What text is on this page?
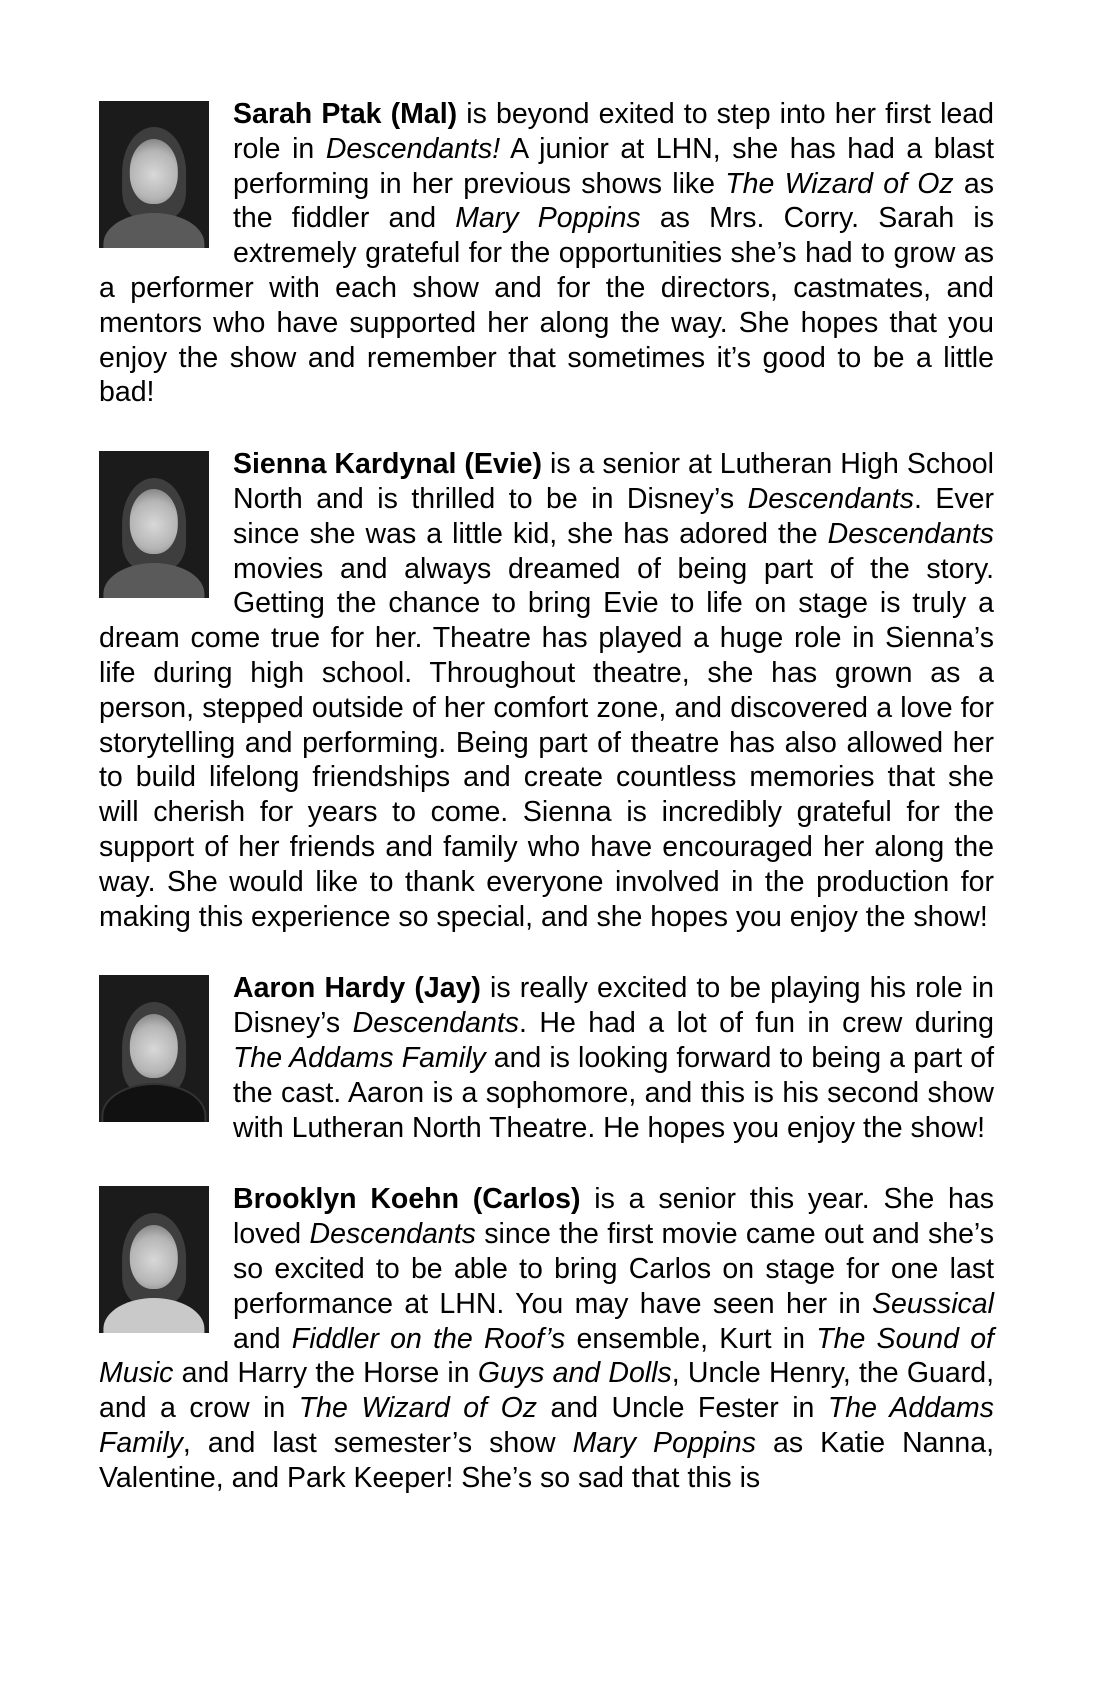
Sarah Ptak (Mal) is beyond exited to step into her first lead role in Descendants! A junior at LHN, she has had a blast performing in her previous shows like The Wizard of Oz as the fiddler and Mary Poppins as Mrs. Corry. Sarah is extremely grateful for the opportunities she’s had to grow as a performer with each show and for the directors, castmates, and mentors who have supported her along the way. She hopes that you enjoy the show and remember that sometimes it’s good to be a little bad!

Sienna Kardynal (Evie) is a senior at Lutheran High School North and is thrilled to be in Disney’s Descendants. Ever since she was a little kid, she has adored the Descendants movies and always dreamed of being part of the story. Getting the chance to bring Evie to life on stage is truly a dream come true for her. Theatre has played a huge role in Sienna’s life during high school. Throughout theatre, she has grown as a person, stepped outside of her comfort zone, and discovered a love for storytelling and performing. Being part of theatre has also allowed her to build lifelong friendships and create countless memories that she will cherish for years to come. Sienna is incredibly grateful for the support of her friends and family who have encouraged her along the way. She would like to thank everyone involved in the production for making this experience so special, and she hopes you enjoy the show!

Aaron Hardy (Jay) is really excited to be playing his role in Disney’s Descendants. He had a lot of fun in crew during The Addams Family and is looking forward to being a part of the cast. Aaron is a sophomore, and this is his second show with Lutheran North Theatre. He hopes you enjoy the show!

Brooklyn Koehn (Carlos) is a senior this year. She has loved Descendants since the first movie came out and she’s so excited to be able to bring Carlos on stage for one last performance at LHN. You may have seen her in Seussical and Fiddler on the Roof’s ensemble, Kurt in The Sound of Music and Harry the Horse in Guys and Dolls, Uncle Henry, the Guard, and a crow in The Wizard of Oz and Uncle Fester in The Addams Family, and last semester’s show Mary Poppins as Katie Nanna, Valentine, and Park Keeper! She’s so sad that this is
